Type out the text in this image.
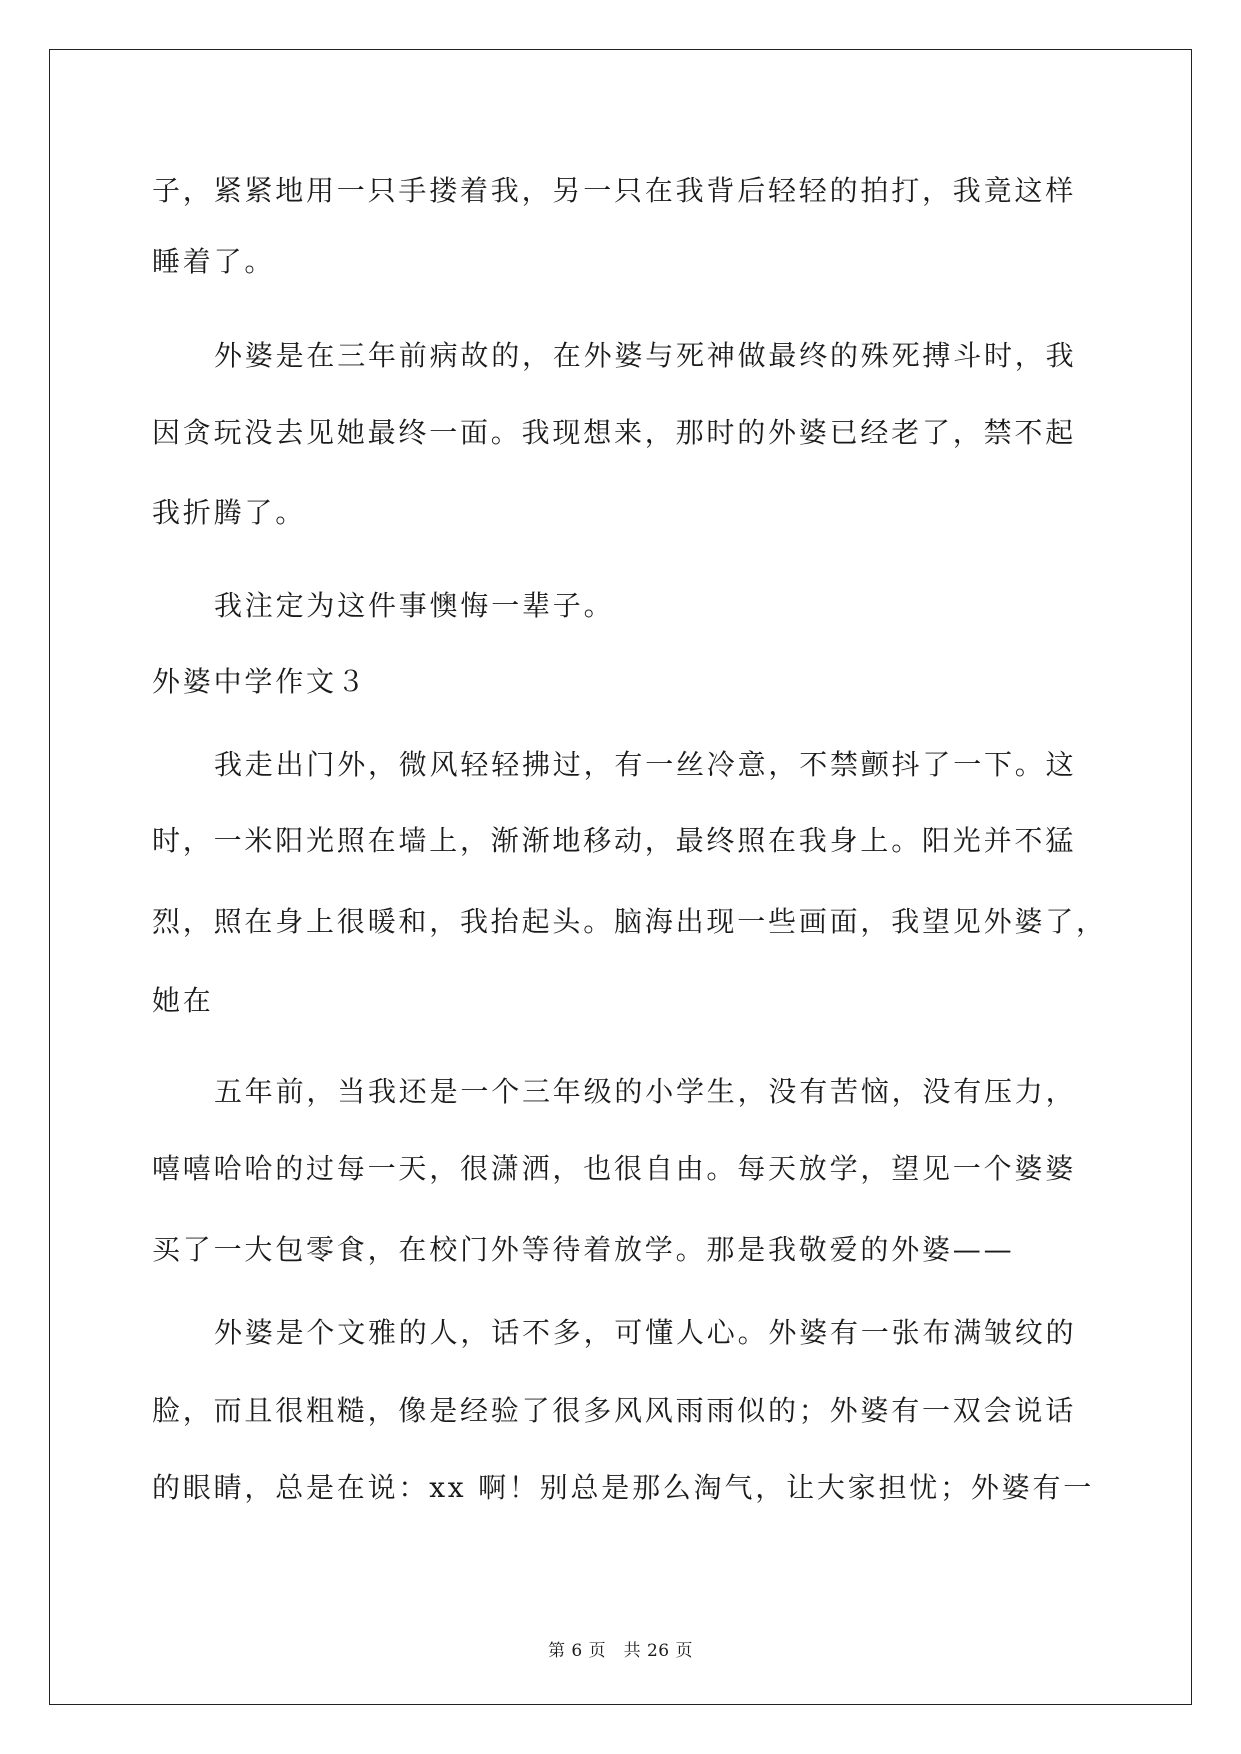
子，紧紧地用一只手搂着我，另一只在我背后轻轻的拍打，我竟这样
睡着了。
外婆是在三年前病故的，在外婆与死神做最终的殊死搏斗时，我
因贪玩没去见她最终一面。我现想来，那时的外婆已经老了，禁不起
我折腾了。
我注定为这件事懊悔一辈子。
外婆中学作文３
我走出门外，微风轻轻拂过，有一丝冷意，不禁颤抖了一下。这
时，一米阳光照在墙上，渐渐地移动，最终照在我身上。阳光并不猛
烈，照在身上很暖和，我抬起头。脑海出现一些画面，我望见外婆了，
她在
五年前，当我还是一个三年级的小学生，没有苦恼，没有压力，
嘻嘻哈哈的过每一天，很潇洒，也很自由。每天放学，望见一个婆婆
买了一大包零食，在校门外等待着放学。那是我敬爱的外婆——
外婆是个文雅的人，话不多，可懂人心。外婆有一张布满皱纹的
脸，而且很粗糙，像是经验了很多风风雨雨似的；外婆有一双会说话
的眼睛，总是在说：xx 啊！别总是那么淘气，让大家担忧；外婆有一
第 6 页　共 26 页
